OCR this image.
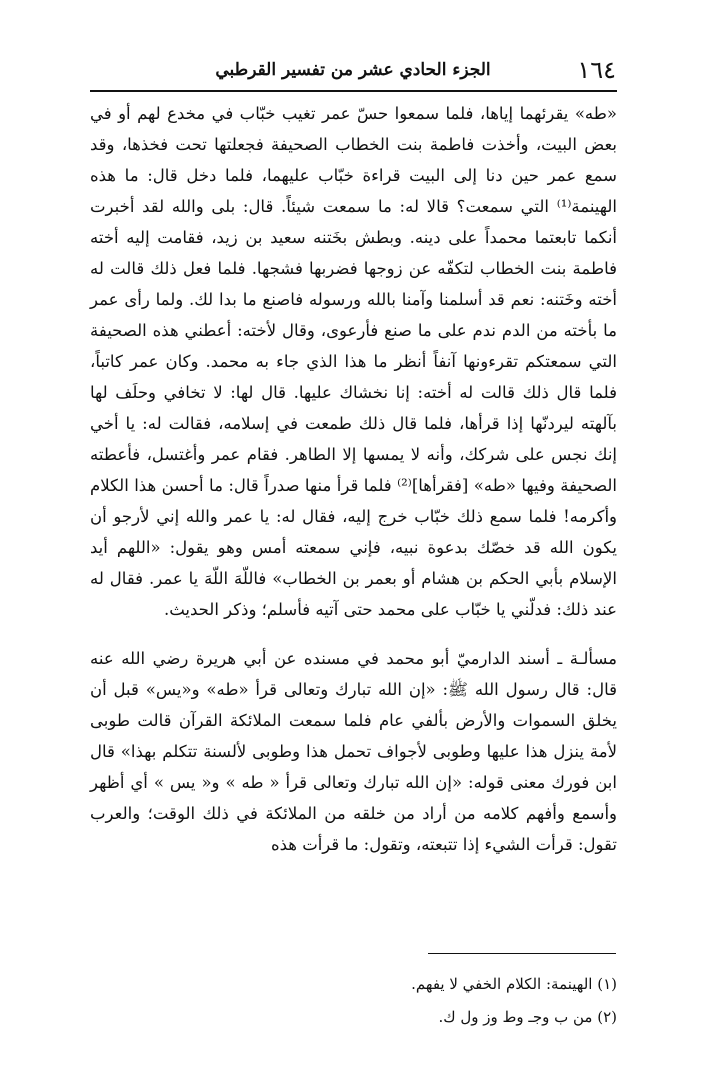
١٦٤
الجزء الحادي عشر من تفسير القرطبي

«طه» يقرئهما إياها، فلما سمعوا حسّ عمر تغيب خبّاب في مخدع لهم أو في بعض البيت، وأخذت فاطمة بنت الخطاب الصحيفة فجعلتها تحت فخذها، وقد سمع عمر حين دنا إلى البيت قراءة خبّاب عليهما، فلما دخل قال: ما هذه الهينمة⁽¹⁾ التي سمعت؟ قالا له: ما سمعت شيئاً. قال: بلى والله لقد أخبرت أنكما تابعتما محمداً على دينه. وبطش بخَتنه سعيد بن زيد، فقامت إليه أخته فاطمة بنت الخطاب لتكفّه عن زوجها فضربها فشجها. فلما فعل ذلك قالت له أخته وخَتنه: نعم قد أسلمنا وآمنا بالله ورسوله فاصنع ما بدا لك. ولما رأى عمر ما بأخته من الدم ندم على ما صنع فأرعوى، وقال لأخته: أعطني هذه الصحيفة التي سمعتكم تقرءونها آنفاً أنظر ما هذا الذي جاء به محمد. وكان عمر كاتباً، فلما قال ذلك قالت له أخته: إنا نخشاك عليها. قال لها: لا تخافي وحلَف لها بآلهته ليردنّها إذا قرأها، فلما قال ذلك طمعت في إسلامه، فقالت له: يا أخي إنك نجس على شركك، وأنه لا يمسها إلا الطاهر. فقام عمر وأغتسل، فأعطته الصحيفة وفيها «طه» [فقرأها]⁽²⁾ فلما قرأ منها صدراً قال: ما أحسن هذا الكلام وأكرمه! فلما سمع ذلك خبّاب خرج إليه، فقال له: يا عمر والله إني لأرجو أن يكون الله قد خصّك بدعوة نبيه، فإني سمعته أمس وهو يقول: «اللهم أيد الإسلام بأبي الحكم بن هشام أو بعمر بن الخطاب» فاللّهَ اللّهَ يا عمر. فقال له عند ذلك: فدلّني يا خبّاب على محمد حتى آتيه فأسلم؛ وذكر الحديث.

مسألـة ـ أسند الدارميّ أبو محمد في مسنده عن أبي هريرة رضي الله عنه قال: قال رسول الله ﷺ: «إن الله تبارك وتعالى قرأ «طه» و«يس» قبل أن يخلق السموات والأرض بألفي عام فلما سمعت الملائكة القرآن قالت طوبى لأمة ينزل هذا عليها وطوبى لأجواف تحمل هذا وطوبى لألسنة تتكلم بهذا» قال ابن فورك معنى قوله: «إن الله تبارك وتعالى قرأ « طه » و« يس » أي أظهر وأسمع وأفهم كلامه من أراد من خلقه من الملائكة في ذلك الوقت؛ والعرب تقول: قرأت الشيء إذا تتبعته، وتقول: ما قرأت هذه

(١) الهينمة: الكلام الخفي لا يفهم.

(٢) من ب وجـ وط وز ول ك.
